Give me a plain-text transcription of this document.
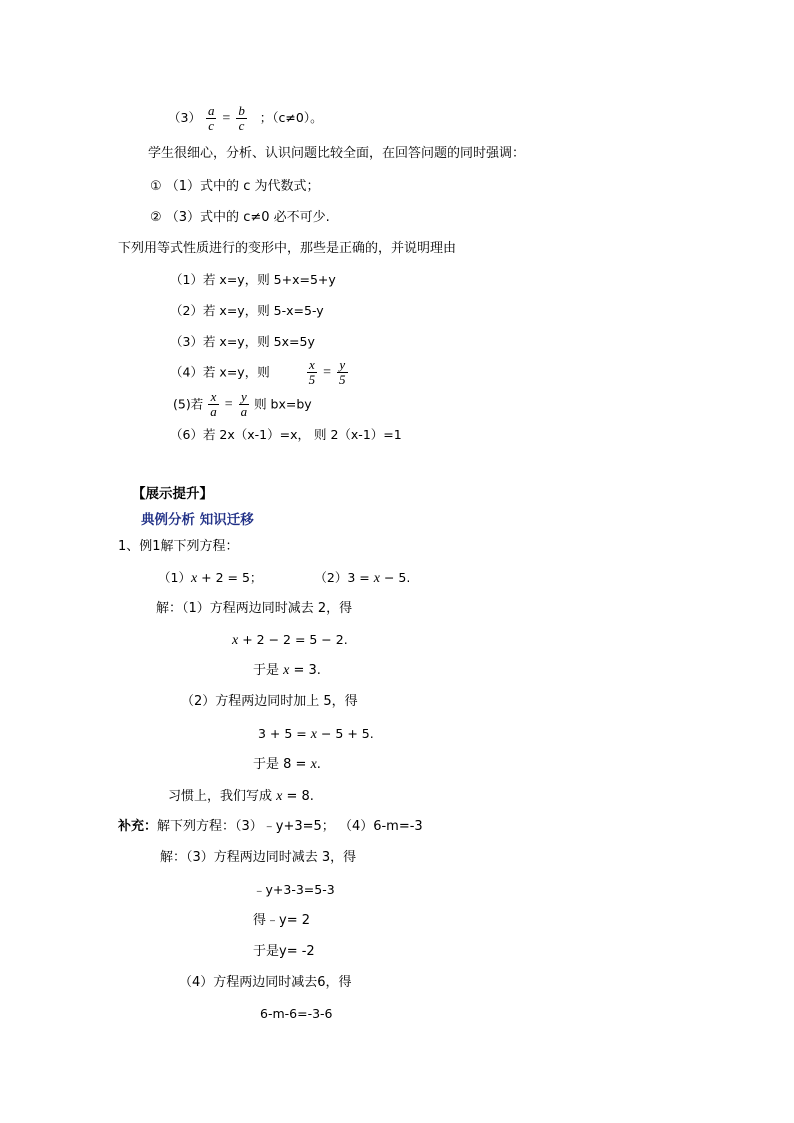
$(3) \frac{a}{c} = \frac{b}{c}$ ；（c≠0）。
学生很细心，分析、认识问题比较全面，在回答问题的同时强调：
① （1）式中的 c 为代数式；
② （3）式中的 c≠0 必不可少.
下列用等式性质进行的变形中，那些是正确的，并说明理由
（1）若 x=y，则 5+x=5+y
（2）若 x=y，则 5-x=5-y
（3）若 x=y，则 5x=5y
（4）若 x=y，则	$\frac{x}{5} = \frac{y}{5}$
(5)若 $\frac{x}{a} = \frac{y}{a}$ 则 bx=by
（6）若 2x（x-1）=x， 则 2（x-1）=1
【展示提升】
典例分析 知识迁移
1、例1解下列方程：
（1）x + 2 = 5；	（2）3 = x − 5.
解：（1）方程两边同时减去 2，得
x + 2 − 2 = 5 − 2.
于是 x = 3.
（2）方程两边同时加上 5，得
3 + 5 = x − 5 + 5.
于是 8 = x.
习惯上，我们写成 x = 8.
补充：解下列方程：（3）﹣y+3=5； （4）6-m=-3
解：（3）方程两边同时减去 3，得
﹣y+3-3=5-3
得﹣y= 2
于是y= -2
（4）方程两边同时减去6，得
6-m-6=-3-6
